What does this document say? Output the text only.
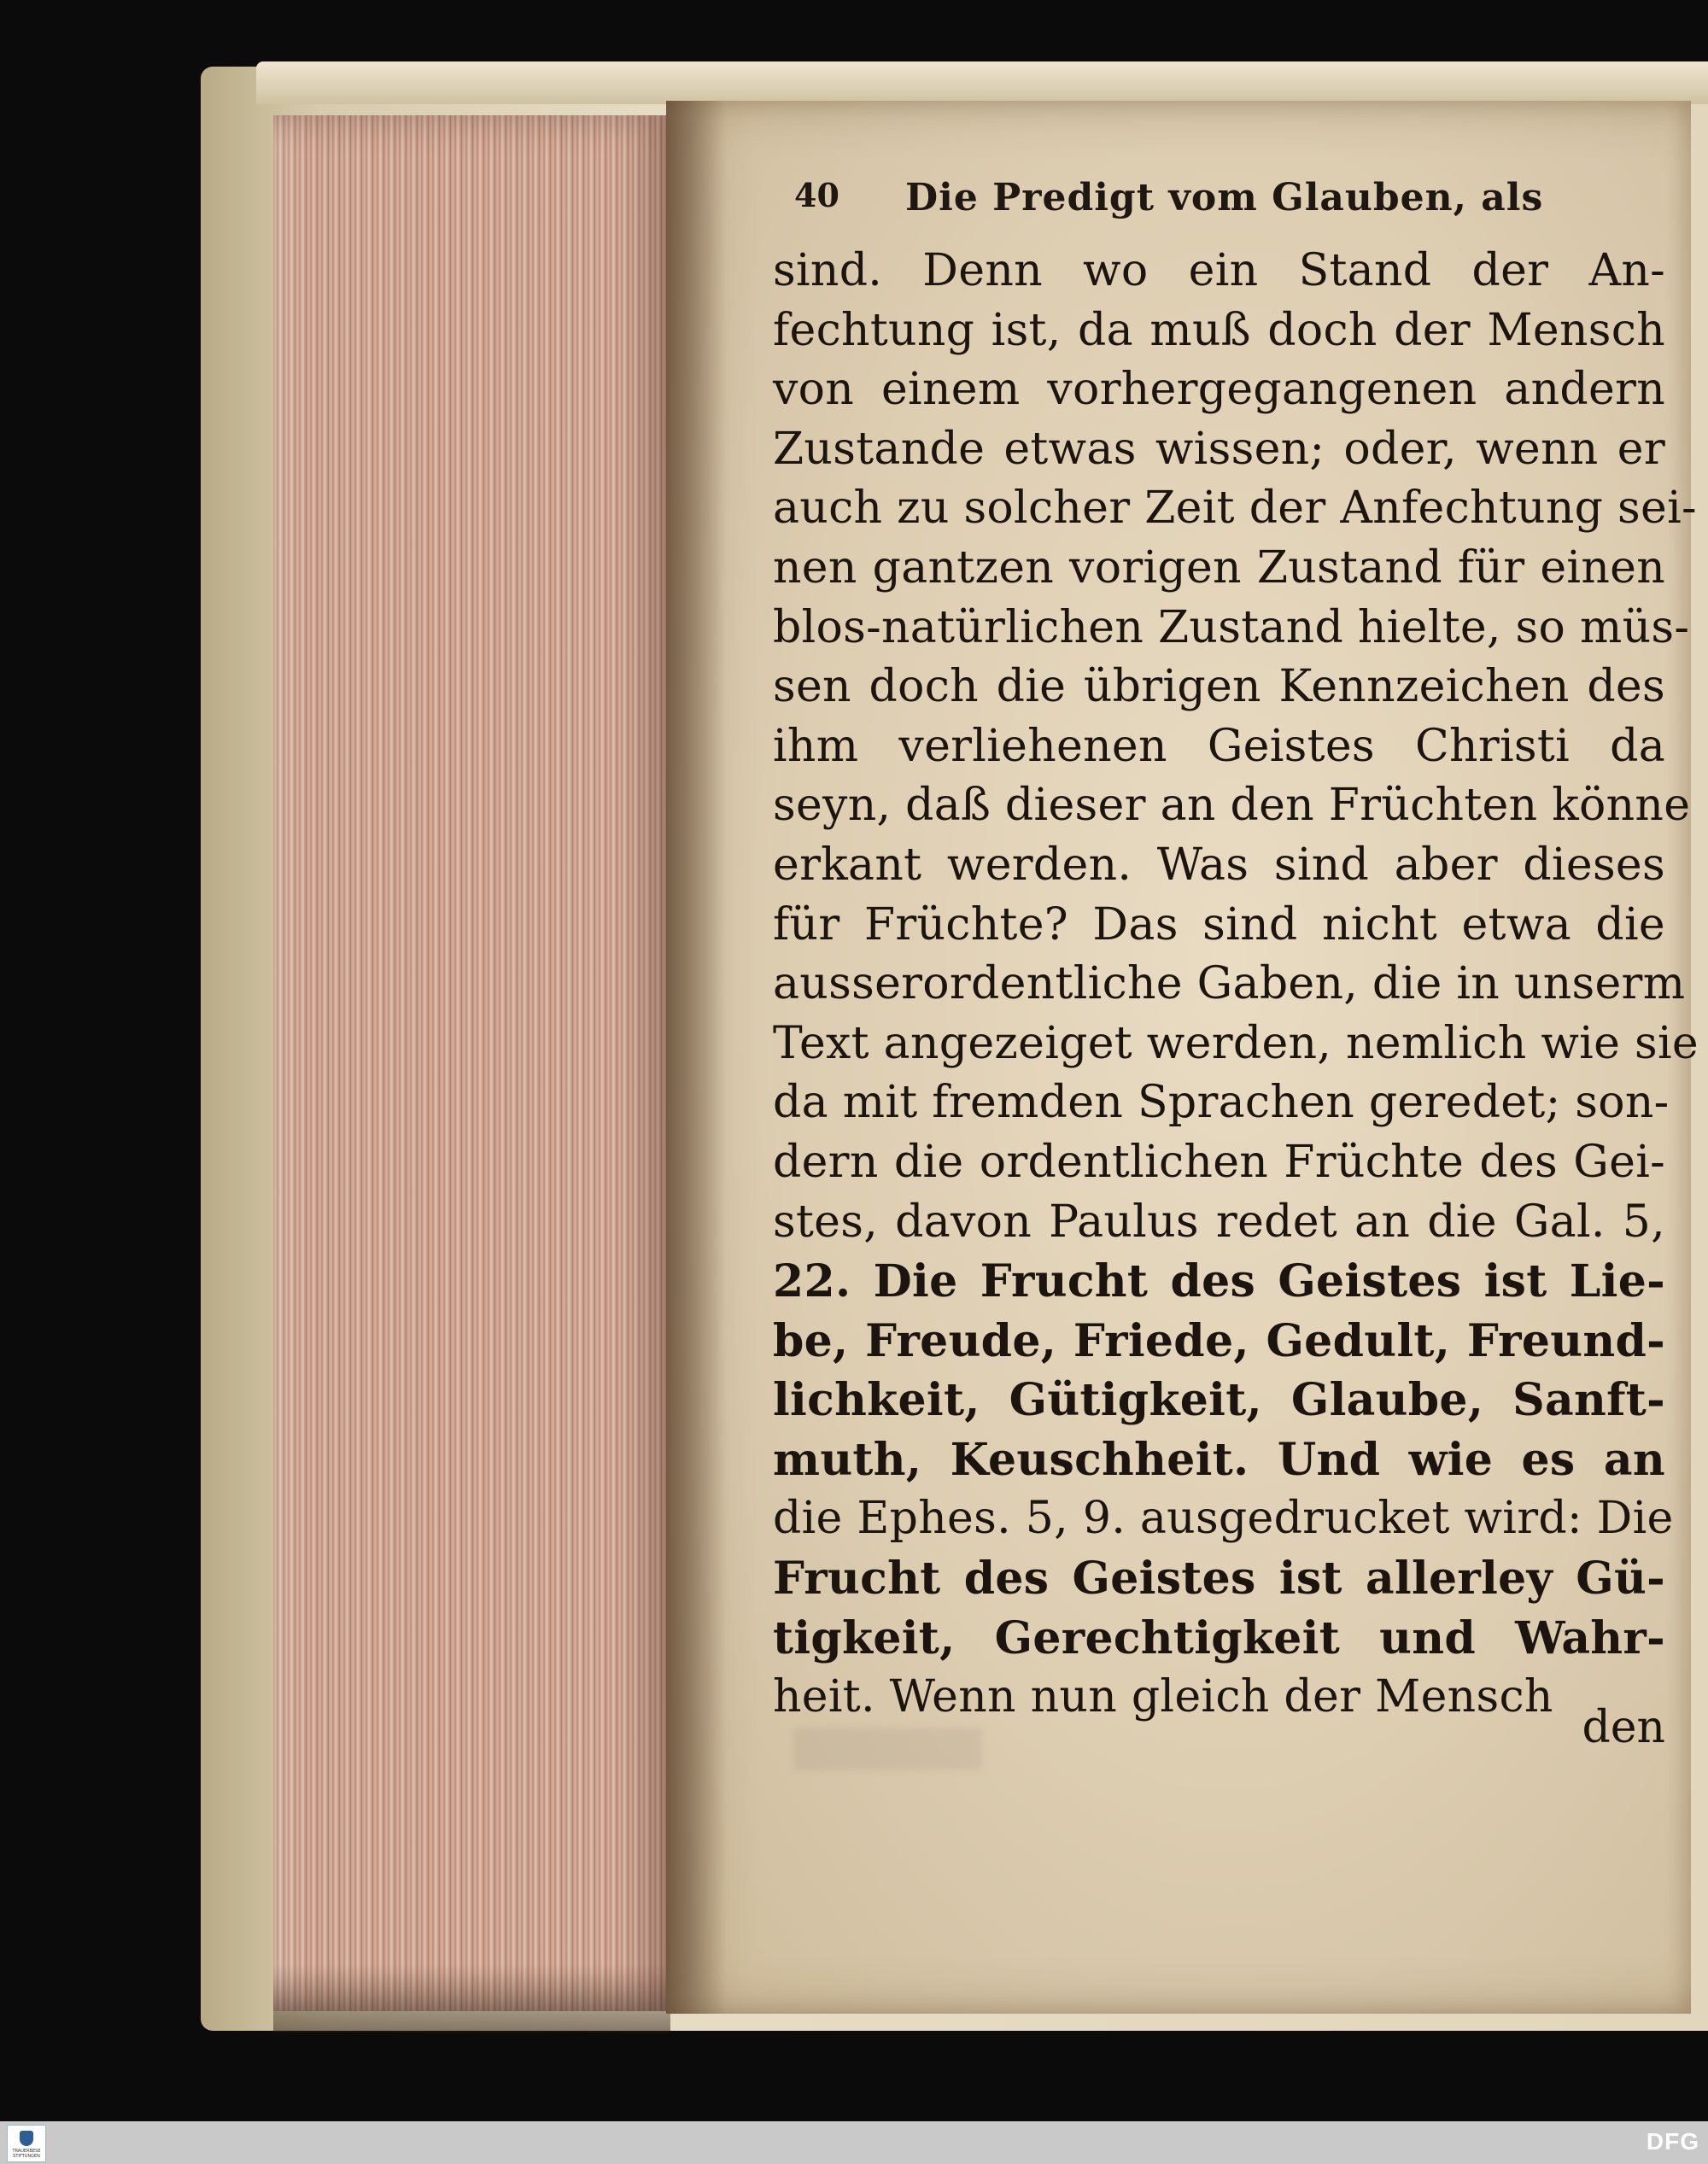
40 Die Predigt vom Glauben, als
sind. Denn wo ein Stand der An-
fechtung ist, da muß doch der Mensch
von einem vorhergegangenen andern
Zustande etwas wissen; oder, wenn er
auch zu solcher Zeit der Anfechtung sei-
nen gantzen vorigen Zustand für einen
blos-natürlichen Zustand hielte, so müs-
sen doch die übrigen Kennzeichen des
ihm verliehenen Geistes Christi da
seyn, daß dieser an den Früchten könne
erkant werden. Was sind aber dieses
für Früchte? Das sind nicht etwa die
ausserordentliche Gaben, die in unserm
Text angezeiget werden, nemlich wie sie
da mit fremden Sprachen geredet; son-
dern die ordentlichen Früchte des Gei-
stes, davon Paulus redet an die Gal. 5,
22. Die Frucht des Geistes ist Lie-
be, Freude, Friede, Gedult, Freund-
lichkeit, Gütigkeit, Glaube, Sanft-
muth, Keuschheit. Und wie es an
die Ephes. 5, 9. ausgedrucket wird: Die
Frucht des Geistes ist allerley Gü-
tigkeit, Gerechtigkeit und Wahr-
heit. Wenn nun gleich der Mensch
den
TRAUERBESE STIFTUNGEN
DFG
